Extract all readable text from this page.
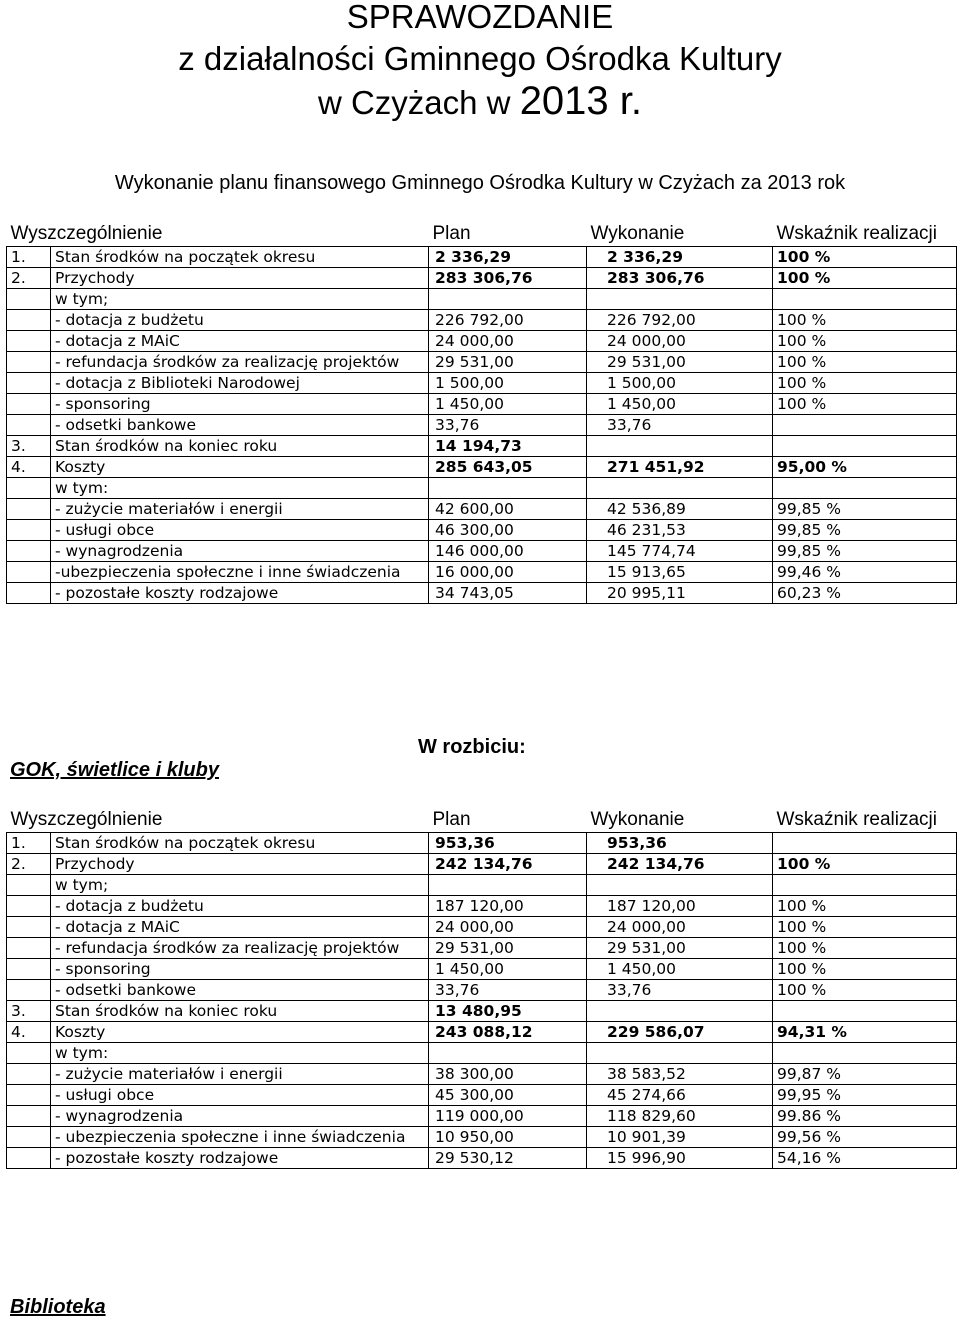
SPRAWOZDANIE
z działalności Gminnego Ośrodka Kultury
w Czyżach w 2013 r.
Wykonanie planu finansowego Gminnego Ośrodka Kultury w Czyżach za 2013 rok
Wyszczególnienie		Plan	Wykonanie	Wskaźnik realizacji
1.	Stan środków na początek okresu	2 336,29	2 336,29	100 %
2.	Przychody	283 306,76	283 306,76	100 %
	w tym;			
	- dotacja z budżetu	226 792,00	226 792,00	100 %
	- dotacja z MAiC	24 000,00	24 000,00	100 %

	- refundacja środków za realizację projektów	29 531,00	29 531,00	100 %
	- dotacja z Biblioteki Narodowej	1 500,00	1 500,00	100 %
	- sponsoring	1 450,00	1 450,00	100 %
	- odsetki bankowe	33,76	33,76	
3.	Stan środków na koniec roku	14 194,73		
4.	Koszty	285 643,05	271 451,92	95,00 %
	w tym:			
	- zużycie materiałów i energii	42 600,00	42 536,89	99,85 %
	- usługi obce	46 300,00	46 231,53	99,85 %
	- wynagrodzenia	146 000,00	145 774,74	99,85 %

	-ubezpieczenia społeczne i inne świadczenia	16 000,00	15 913,65	99,46 %
	- pozostałe koszty rodzajowe	34 743,05	20 995,11	60,23 %
W rozbiciu:
GOK, świetlice i kluby
Wyszczególnienie		Plan	Wykonanie	Wskaźnik realizacji
1.	Stan środków na początek okresu	953,36	953,36	
2.	Przychody	242 134,76	242 134,76	100 %
	w tym;			
	- dotacja z budżetu	187 120,00	187 120,00	100 %
	- dotacja z MAiC	24 000,00	24 000,00	100 %

	- refundacja środków za realizację projektów	29 531,00	29 531,00	100 %
	- sponsoring	1 450,00	1 450,00	100 %
	- odsetki bankowe	33,76	33,76	100 %
3.	Stan środków na koniec roku	13 480,95		
4.	Koszty	243 088,12	229 586,07	94,31 %
	w tym:			
	- zużycie materiałów i energii	38 300,00	38 583,52	99,87 %
	- usługi obce	45 300,00	45 274,66	99,95 %
	- wynagrodzenia	119 000,00	118 829,60	99.86 %

	- ubezpieczenia społeczne i inne świadczenia	10 950,00	10 901,39	99,56 %
	- pozostałe koszty rodzajowe	29 530,12	15 996,90	54,16 %
Biblioteka
